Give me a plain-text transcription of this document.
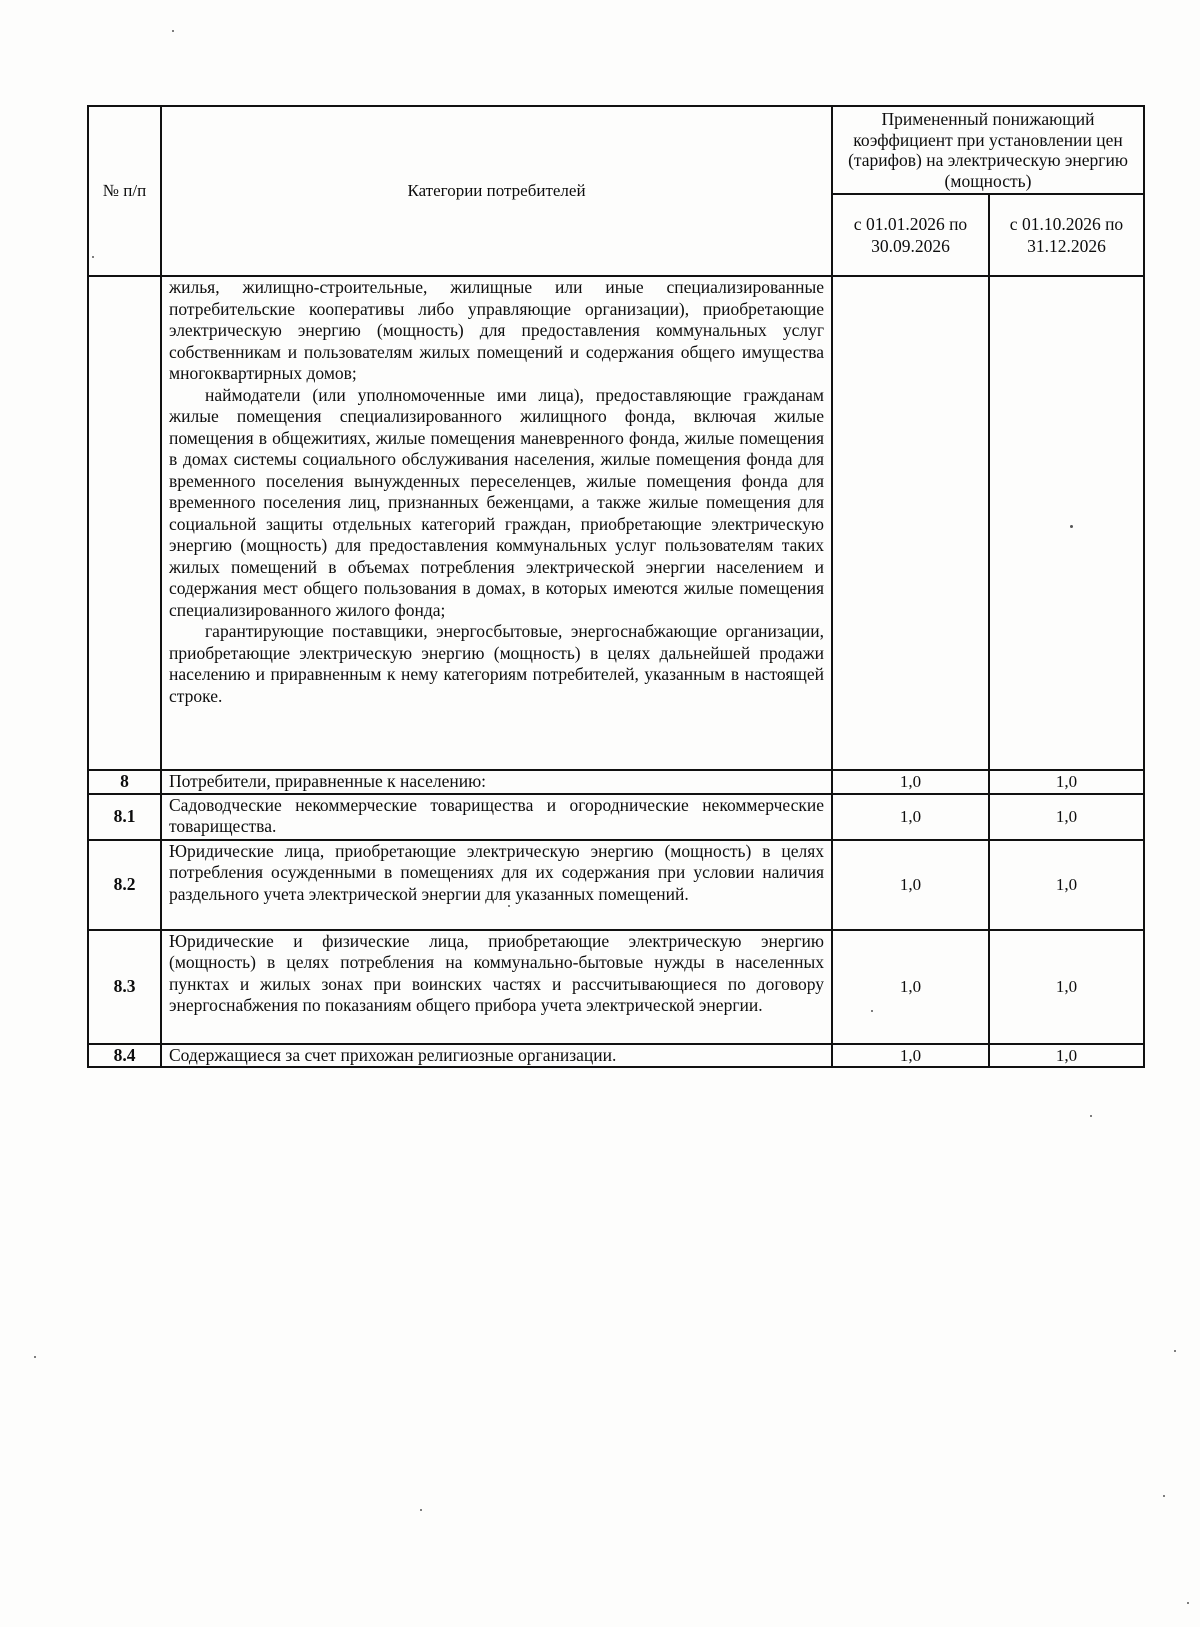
№ п/п	Категории потребителей	Примененный понижающий коэффициент при установлении цен (тарифов) на электрическую энергию (мощность)	
		с 01.01.2026 по 30.09.2026	с 01.10.2026 по 31.12.2026

	жилья, жилищно-строительные, жилищные или иные специализированные потребительские кооперативы либо управляющие организации), приобретающие электрическую энергию (мощность) для предоставления коммунальных услуг собственникам и пользователям жилых помещений и содержания общего имущества многоквартирных домов;

наймодатели (или уполномоченные ими лица), предоставляющие гражданам жилые помещения специализированного жилищного фонда, включая жилые помещения в общежитиях, жилые помещения маневренного фонда, жилые помещения в домах системы социального обслуживания населения, жилые помещения фонда для временного поселения вынужденных переселенцев, жилые помещения фонда для временного поселения лиц, признанных беженцами, а также жилые помещения для социальной защиты отдельных категорий граждан, приобретающие электрическую энергию (мощность) для предоставления коммунальных услуг пользователям таких жилых помещений в объемах потребления электрической энергии населением и содержания мест общего пользования в домах, в которых имеются жилые помещения специализированного жилого фонда;

гарантирующие поставщики, энергосбытовые, энергоснабжающие организации, приобретающие электрическую энергию (мощность) в целях дальнейшей продажи населению и приравненным к нему категориям потребителей, указанным в настоящей строке.		

8	Потребители, приравненные к населению:	1,0	1,0
8.1	Садоводческие некоммерческие товарищества и огороднические некоммерческие товарищества.	1,0	1,0
8.2	Юридические лица, приобретающие электрическую энергию (мощность) в целях потребления осужденными в помещениях для их содержания при условии наличия раздельного учета электрической энергии для указанных помещений.	1,0	1,0
8.3	Юридические и физические лица, приобретающие электрическую энергию (мощность) в целях потребления на коммунально-бытовые нужды в населенных пунктах и жилых зонах при воинских частях и рассчитывающиеся по договору энергоснабжения по показаниям общего прибора учета электрической энергии.	1,0	1,0
8.4	Содержащиеся за счет прихожан религиозные организации.	1,0	1,0
